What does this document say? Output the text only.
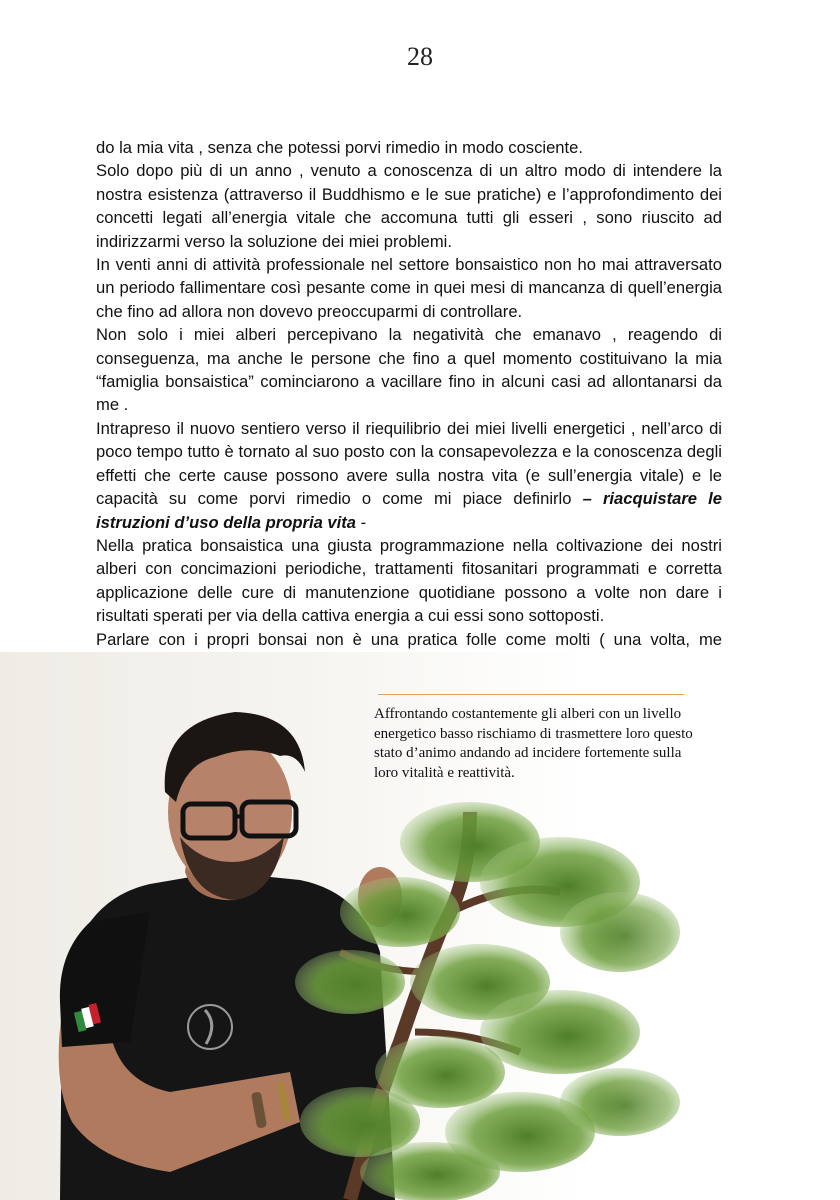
28

do la mia vita , senza che potessi porvi rimedio in modo cosciente.

Solo dopo più di un anno , venuto a conoscenza di un altro modo di intendere la nostra esistenza (attraverso il Buddhismo e le sue pratiche) e l’approfondimento dei concetti legati all’energia vitale che accomuna tutti gli esseri , sono riuscito ad indirizzarmi verso la soluzione dei miei problemi.

In venti anni di attività professionale nel settore bonsaistico non ho mai attraversato un periodo fallimentare così pesante come in quei mesi di mancanza di quell’energia che fino ad allora non dovevo preoccuparmi di controllare.

Non solo i miei alberi percepivano la negatività che emanavo , reagendo di conseguenza, ma anche le persone che fino a quel momento costituivano la mia “famiglia bonsaistica” cominciarono a vacillare fino in alcuni casi ad allontanarsi da me .

Intrapreso il nuovo sentiero verso il riequilibrio dei miei livelli energetici , nell’arco di poco tempo tutto è tornato al suo posto con la consapevolezza e la conoscenza degli effetti che certe cause possono avere sulla nostra vita (e sull’energia vitale) e le capacità su come porvi rimedio o come mi piace definirlo – riacquistare le istruzioni d’uso della propria vita -

Nella pratica bonsaistica una giusta programmazione nella coltivazione dei nostri alberi con concimazioni periodiche, trattamenti fitosanitari programmati e corretta applicazione delle cure di manutenzione quotidiane possono a volte non dare i risultati sperati per via della cattiva energia a cui essi sono sottoposti.

Parlare con i propri bonsai non è una pratica folle come molti ( una volta, me

Affrontando costantemente gli alberi con un livello energetico basso rischiamo di trasmettere loro questo stato d’animo andando ad incidere fortemente sulla loro vitalità e reattività.
